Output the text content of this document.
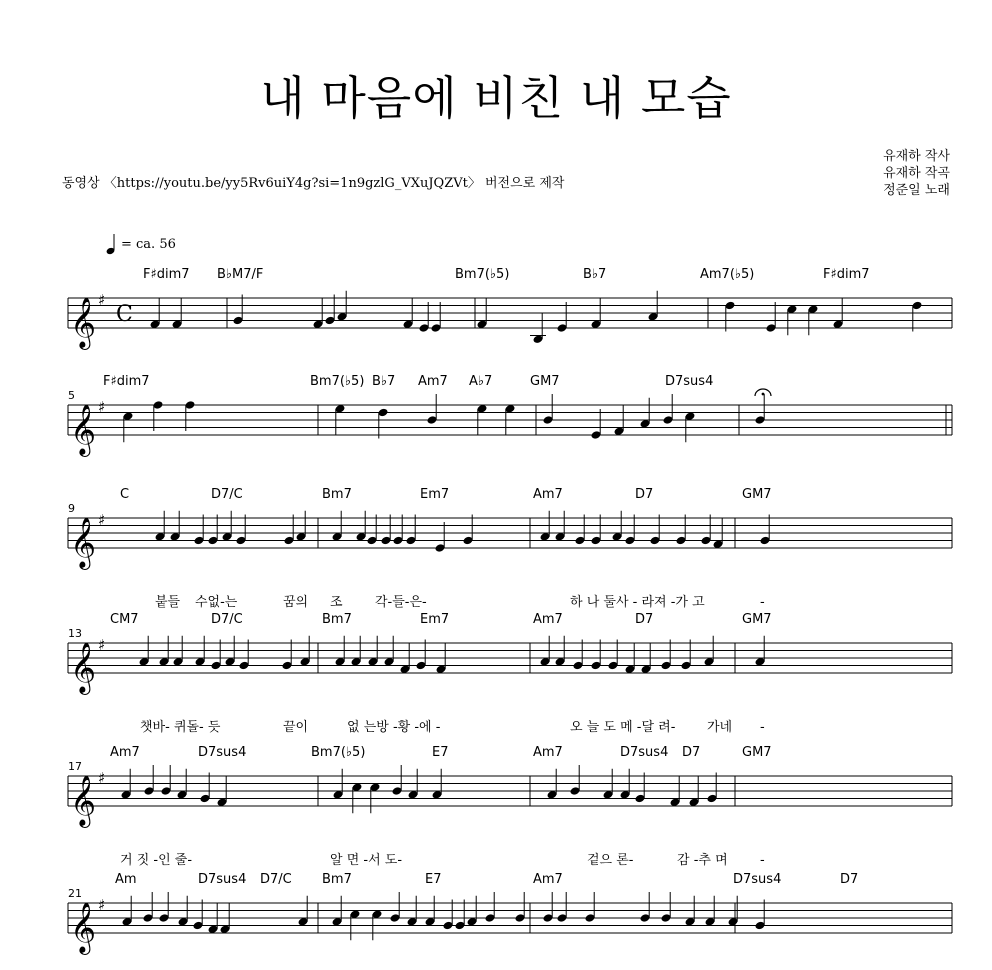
내 마음에 비친 내 모습
동영상 〈https://youtu.be/yy5Rv6uiY4g?si=1n9gzlG_VXuJQZVt〉 버전으로 제작
유재하 작사
유재하 작곡
정준일 노래
= ca. 56
𝄞 ♯
C
F♯dim7 B♭M7/F	Bm7(♭5)	B♭7	Am7(♭5)	F♯dim7
𝄞 ♯
5
F♯dim7	Bm7(♭5) B♭7 Am7 A♭7	GM7	D7sus4
𝄞 ♯
9
C	D7/C	Bm7	Em7	Am7	D7	GM7
붙들 수없-는	꿈의 조 각-들-은-	하 나 둘사 - 라져 -가 고	-
𝄞 ♯
13
CM7	D7/C	Bm7	Em7	Am7	D7	GM7
챗바- 퀴돌- 듯	끝이	없 는방 -황 -에 -	오 늘 도 메 -달 려- 가네 -
𝄞 ♯
17
Am7	D7sus4	Bm7(♭5)	E7	Am7	D7sus4 D7	GM7
거 짓 -인 줄-	알 면 -서 도-	겉으 론-	감 -추 며 -
𝄞 ♯
21
Am	D7sus4 D7/C Bm7	E7	Am7	D7sus4	D7
